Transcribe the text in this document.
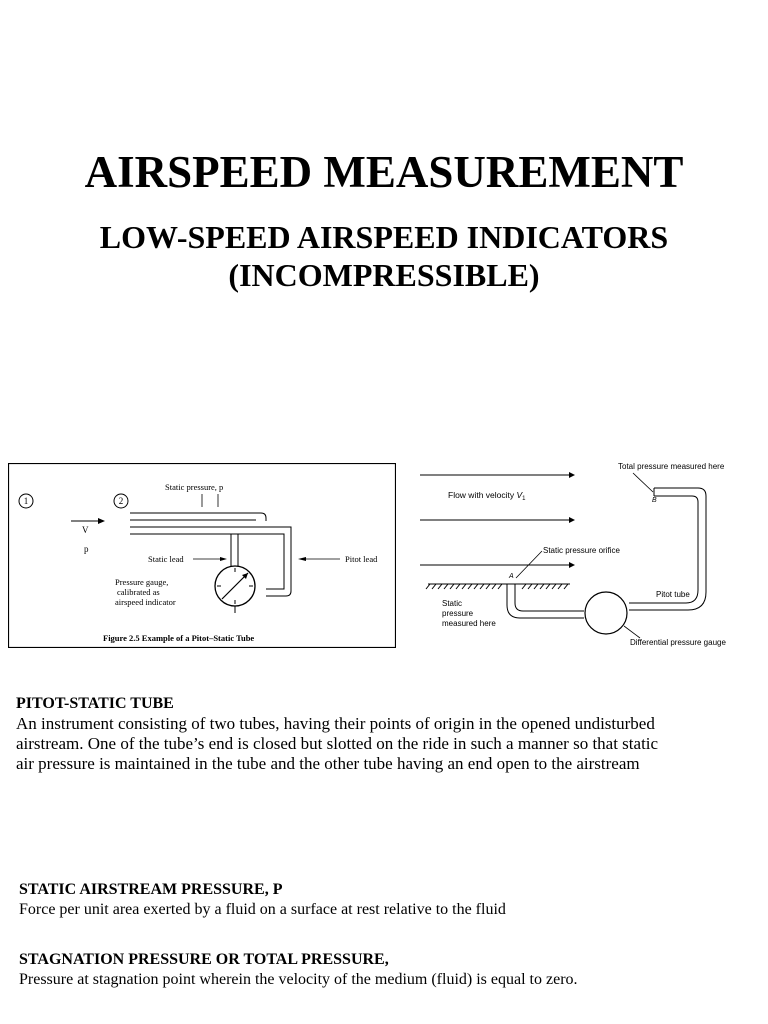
AIRSPEED MEASUREMENT
LOW-SPEED AIRSPEED INDICATORS
(INCOMPRESSIBLE)
1	2
Static pressure, p
V
p
Static lead	Pitot lead
Pressure gauge,
calibrated as
airspeed indicator
Figure 2.5 Example of a Pitot–Static Tube
Flow with velocity $V_1$
Total pressure measured here
B
Static pressure orifice
A
Static
pressure
measured here
Pitot tube
Differential pressure gauge

PITOT-STATIC TUBE

An instrument consisting of two tubes, having their points of origin in the opened undisturbed

airstream. One of the tube’s end is closed but slotted on the ride in such a manner so that static

air pressure is maintained in the tube and the other tube having an end open to the airstream

STATIC AIRSTREAM PRESSURE, P

Force per unit area exerted by a fluid on a surface at rest relative to the fluid

STAGNATION PRESSURE OR TOTAL PRESSURE,

Pressure at stagnation point wherein the velocity of the medium (fluid) is equal to zero.
